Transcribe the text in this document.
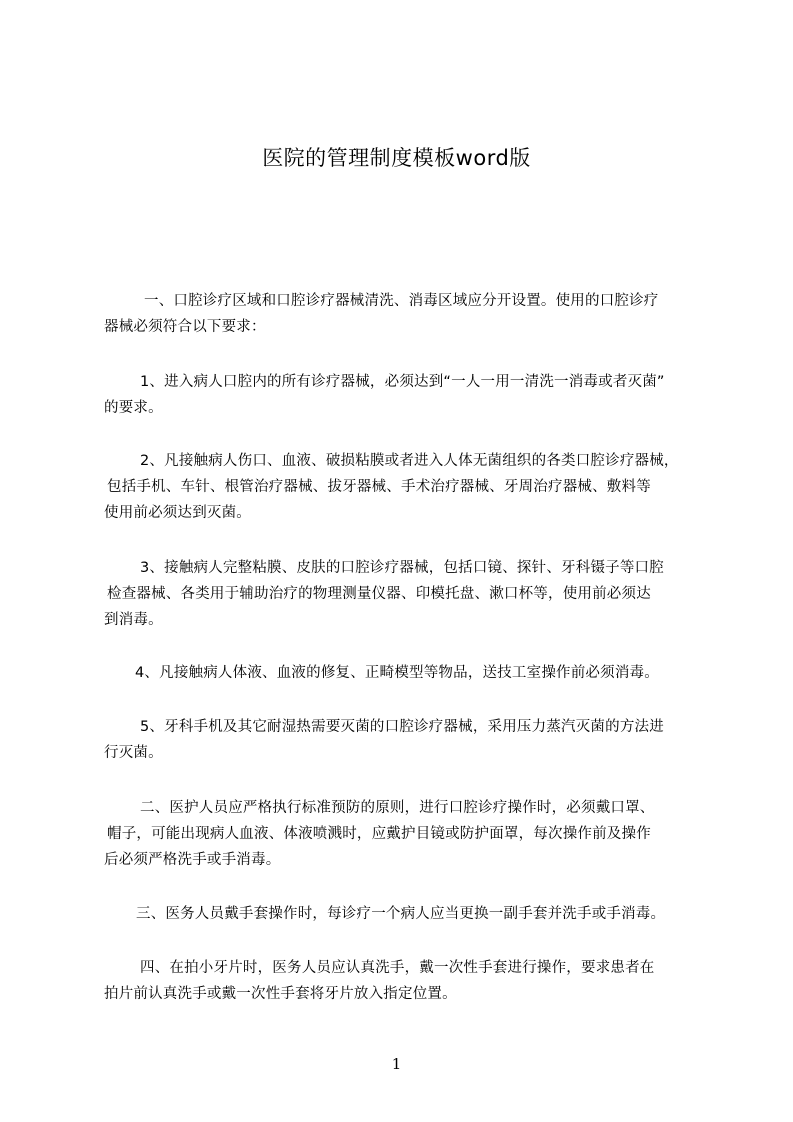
医院的管理制度模板word版

一、口腔诊疗区域和口腔诊疗器械清洗、消毒区域应分开设置。使用的口腔诊疗
器械必须符合以下要求：

1、进入病人口腔内的所有诊疗器械，必须达到“一人一用一清洗一消毒或者灭菌”
的要求。

2、凡接触病人伤口、血液、破损粘膜或者进入人体无菌组织的各类口腔诊疗器械，
包括手机、车针、根管治疗器械、拔牙器械、手术治疗器械、牙周治疗器械、敷料等
使用前必须达到灭菌。

3、接触病人完整粘膜、皮肤的口腔诊疗器械，包括口镜、探针、牙科镊子等口腔
检查器械、各类用于辅助治疗的物理测量仪器、印模托盘、漱口杯等，使用前必须达
到消毒。

4、凡接触病人体液、血液的修复、正畸模型等物品，送技工室操作前必须消毒。

5、牙科手机及其它耐湿热需要灭菌的口腔诊疗器械，采用压力蒸汽灭菌的方法进
行灭菌。

二、医护人员应严格执行标准预防的原则，进行口腔诊疗操作时，必须戴口罩、
帽子，可能出现病人血液、体液喷溅时，应戴护目镜或防护面罩，每次操作前及操作
后必须严格洗手或手消毒。

三、医务人员戴手套操作时，每诊疗一个病人应当更换一副手套并洗手或手消毒。

四、在拍小牙片时，医务人员应认真洗手，戴一次性手套进行操作，要求患者在
拍片前认真洗手或戴一次性手套将牙片放入指定位置。

1
